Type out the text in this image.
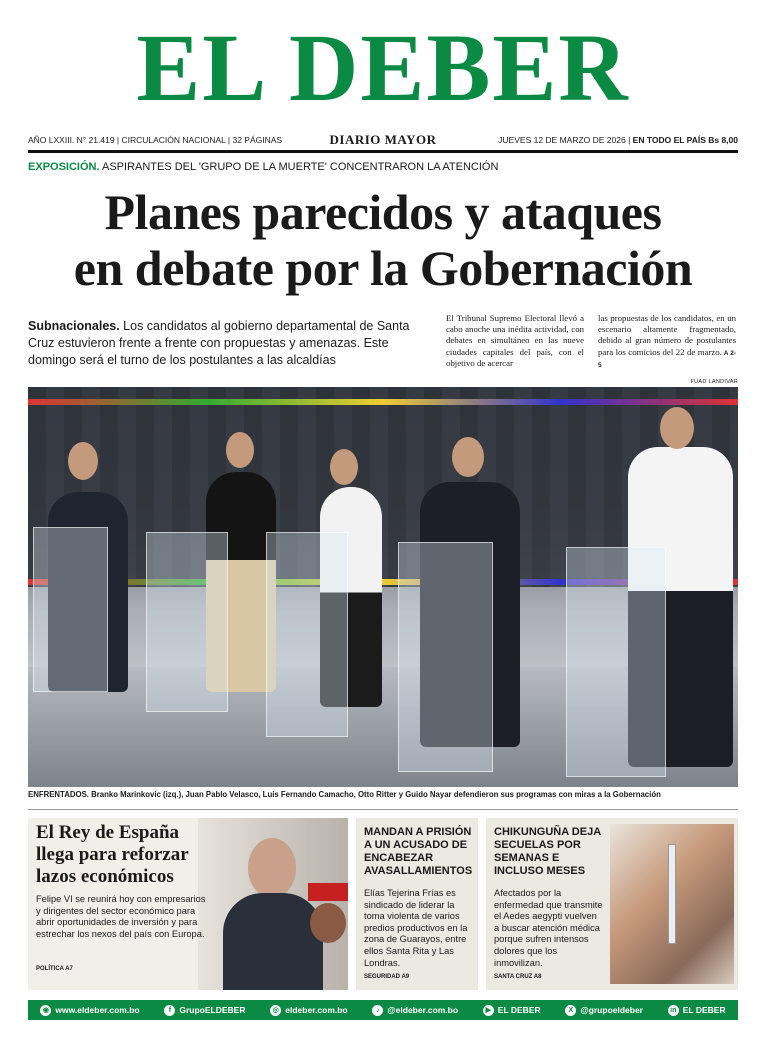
EL DEBER
AÑO LXXIII. N° 21.419 | CIRCULACIÓN NACIONAL | 32 PÁGINAS	DIARIO MAYOR	JUEVES 12 DE MARZO DE 2026 | EN TODO EL PAÍS Bs 8,00
EXPOSICIÓN. ASPIRANTES DEL 'GRUPO DE LA MUERTE' CONCENTRARON LA ATENCIÓN
Planes parecidos y ataques
en debate por la Gobernación
Subnacionales. Los candidatos al gobierno departamental de Santa Cruz estuvieron frente a frente con propuestas y amenazas. Este domingo será el turno de los postulantes a las alcaldías
El Tribunal Supremo Electoral llevó a cabo anoche una inédita actividad, con debates en simultáneo en las nueve ciudades capitales del país, con el objetivo de acercar
las propuestas de los candidatos, en un escenario altamente fragmentado, debido al gran número de postulantes para los comicios del 22 de marzo. A 2-5
FUAD LANDIVAR
ENFRENTADOS. Branko Marinkovic (izq.), Juan Pablo Velasco, Luis Fernando Camacho, Otto Ritter y Guido Nayar defendieron sus programas con miras a la Gobernación
El Rey de España llega para reforzar lazos económicos

Felipe VI se reunirá hoy con empresarios y dirigentes del sector económico para abrir oportunidades de inversión y para estrechar los nexos del país con Europa.

POLÍTICA A7
MANDAN A PRISIÓN A UN ACUSADO DE ENCABEZAR AVASALLAMIENTOS

Elías Tejerina Frías es sindicado de liderar la toma violenta de varios predios productivos en la zona de Guarayos, entre ellos Santa Rita y Las Londras.

SEGURIDAD A9
CHIKUNGUÑA DEJA SECUELAS POR SEMANAS E INCLUSO MESES

Afectados por la enfermedad que transmite el Aedes aegypti vuelven a buscar atención médica porque sufren intensos dolores que los inmovilizan.

SANTA CRUZ A8
◉ www.eldeber.com.bo	f GrupoELDEBER	◎ eldeber.com.bo	♪ @eldeber.com.bo	▶ EL DEBER	X @grupoeldeber	in EL DEBER
